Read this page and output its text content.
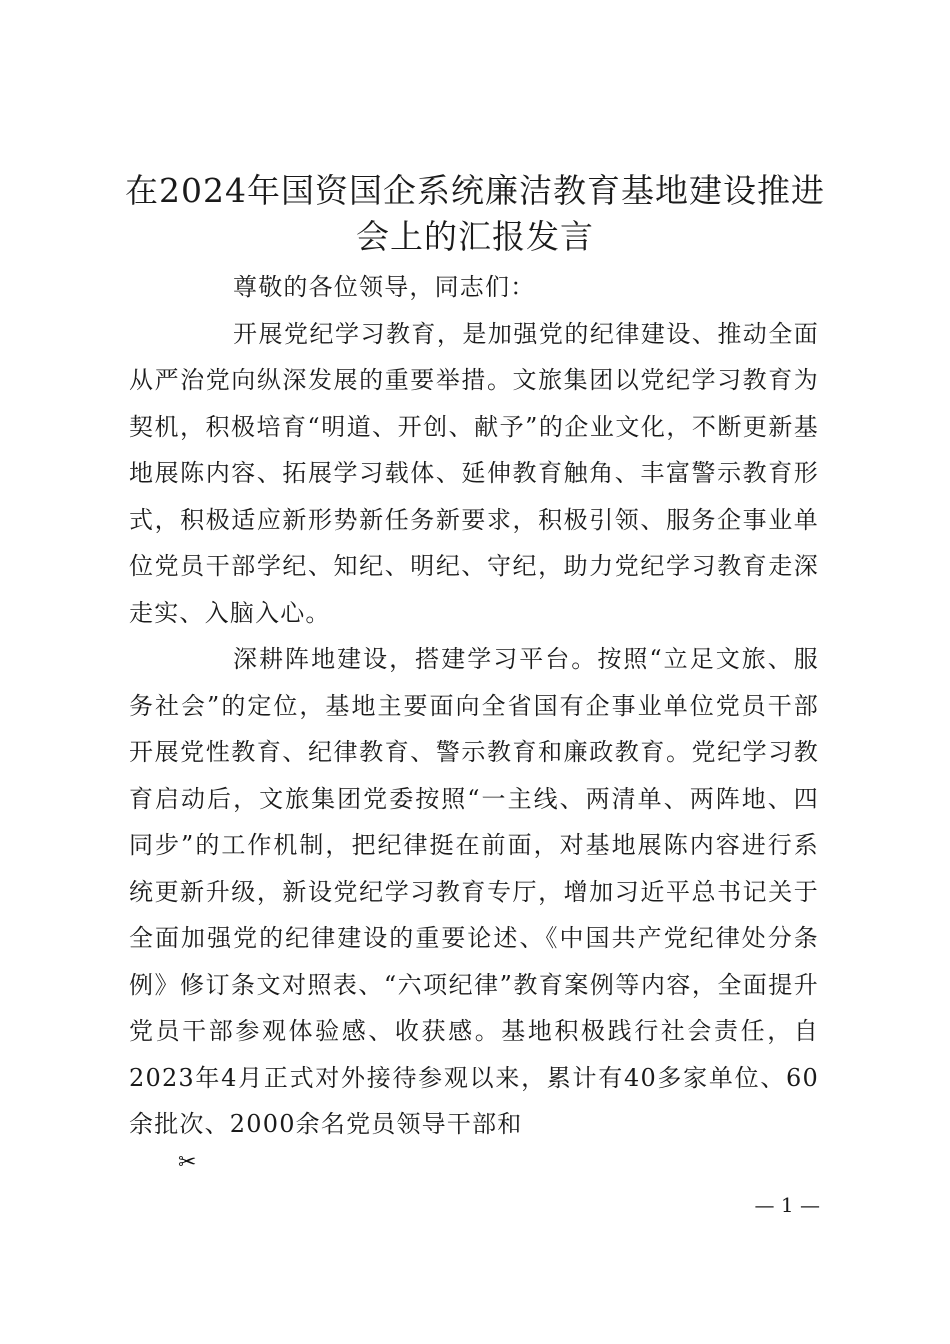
在2024年国资国企系统廉洁教育基地建设推进会上的汇报发言

尊敬的各位领导，同志们：

开展党纪学习教育，是加强党的纪律建设、推动全面从严治党向纵深发展的重要举措。文旅集团以党纪学习教育为契机，积极培育“明道、开创、献予”的企业文化，不断更新基地展陈内容、拓展学习载体、延伸教育触角、丰富警示教育形式，积极适应新形势新任务新要求，积极引领、服务企事业单位党员干部学纪、知纪、明纪、守纪，助力党纪学习教育走深走实、入脑入心。

深耕阵地建设，搭建学习平台。按照“立足文旅、服务社会”的定位，基地主要面向全省国有企事业单位党员干部开展党性教育、纪律教育、警示教育和廉政教育。党纪学习教育启动后，文旅集团党委按照“一主线、两清单、两阵地、四同步”的工作机制，把纪律挺在前面，对基地展陈内容进行系统更新升级，新设党纪学习教育专厅，增加习近平总书记关于全面加强党的纪律建设的重要论述、《中国共产党纪律处分条例》修订条文对照表、“六项纪律”教育案例等内容，全面提升党员干部参观体验感、收获感。基地积极践行社会责任，自2023年4月正式对外接待参观以来，累计有40多家单位、60余批次、2000余名党员领导干部和

✂
— 1 —
